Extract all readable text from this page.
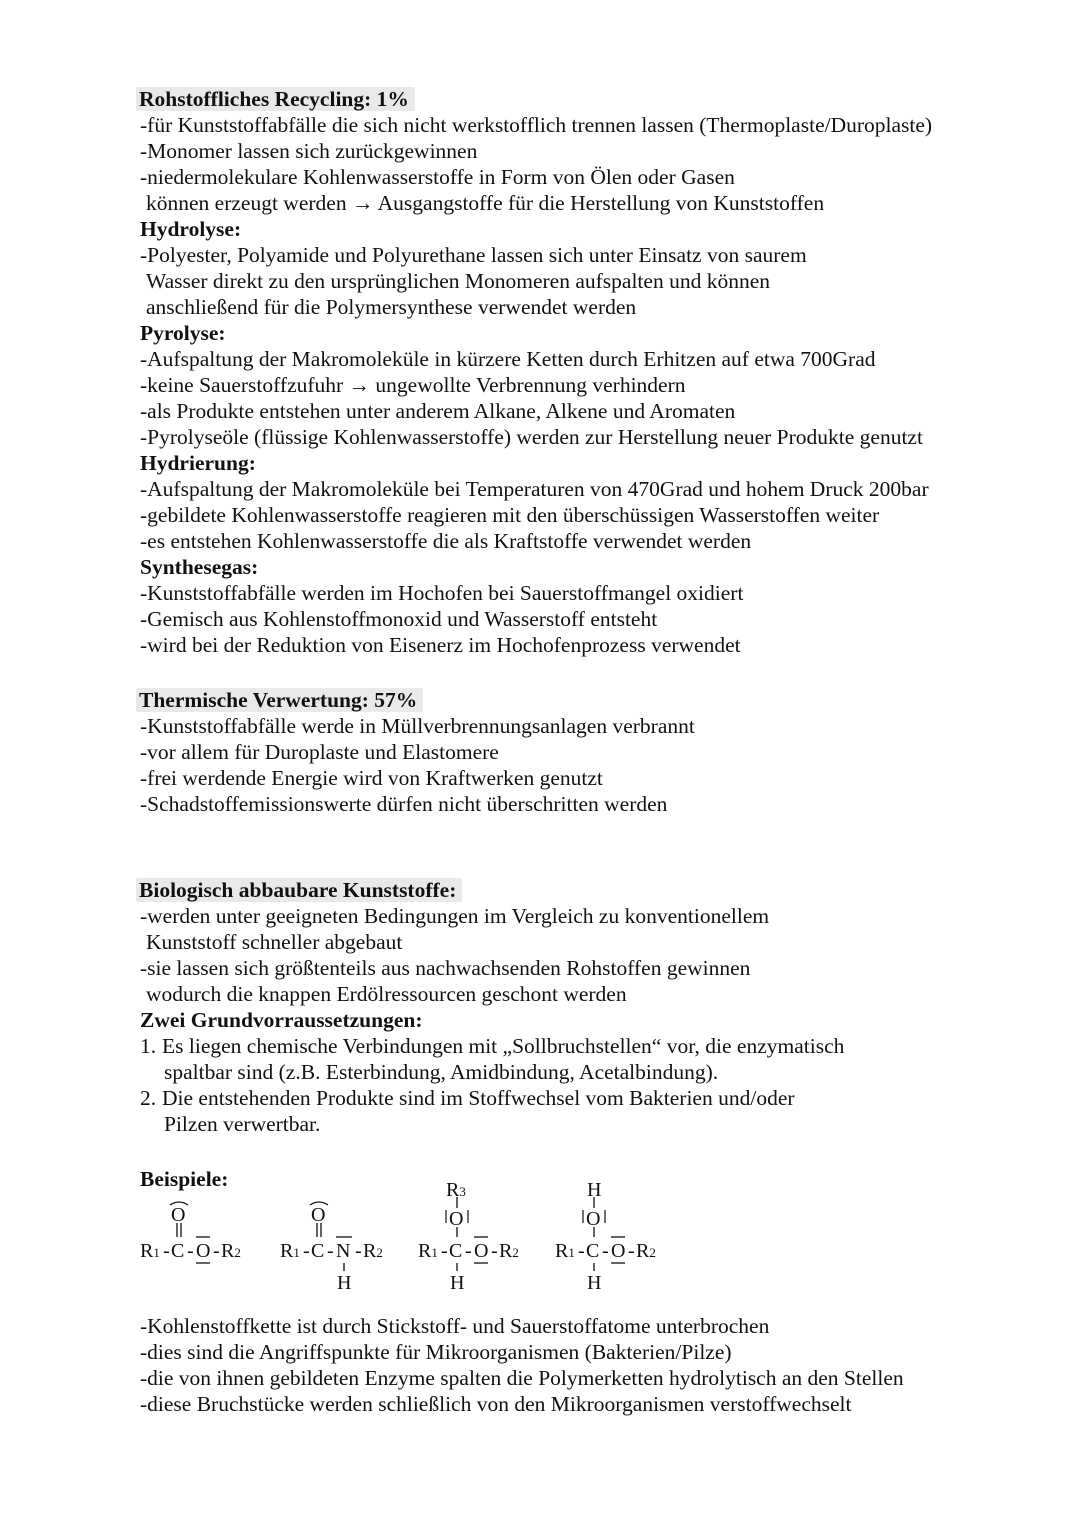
Rohstoffliches Recycling: 1%
-für Kunststoffabfälle die sich nicht werkstofflich trennen lassen (Thermoplaste/Duroplaste)
-Monomer lassen sich zurückgewinnen
-niedermolekulare Kohlenwasserstoffe in Form von Ölen oder Gasen
können erzeugt werden → Ausgangstoffe für die Herstellung von Kunststoffen
Hydrolyse:
-Polyester, Polyamide und Polyurethane lassen sich unter Einsatz von saurem
Wasser direkt zu den ursprünglichen Monomeren aufspalten und können
anschließend für die Polymersynthese verwendet werden
Pyrolyse:
-Aufspaltung der Makromoleküle in kürzere Ketten durch Erhitzen auf etwa 700Grad
-keine Sauerstoffzufuhr → ungewollte Verbrennung verhindern
-als Produkte entstehen unter anderem Alkane, Alkene und Aromaten
-Pyrolyseöle (flüssige Kohlenwasserstoffe) werden zur Herstellung neuer Produkte genutzt
Hydrierung:
-Aufspaltung der Makromoleküle bei Temperaturen von 470Grad und hohem Druck 200bar
-gebildete Kohlenwasserstoffe reagieren mit den überschüssigen Wasserstoffen weiter
-es entstehen Kohlenwasserstoffe die als Kraftstoffe verwendet werden
Synthesegas:
-Kunststoffabfälle werden im Hochofen bei Sauerstoffmangel oxidiert
-Gemisch aus Kohlenstoffmonoxid und Wasserstoff entsteht
-wird bei der Reduktion von Eisenerz im Hochofenprozess verwendet
Thermische Verwertung: 57%
-Kunststoffabfälle werde in Müllverbrennungsanlagen verbrannt
-vor allem für Duroplaste und Elastomere
-frei werdende Energie wird von Kraftwerken genutzt
-Schadstoffemissionswerte dürfen nicht überschritten werden
Biologisch abbaubare Kunststoffe:
-werden unter geeigneten Bedingungen im Vergleich zu konventionellem
Kunststoff schneller abgebaut
-sie lassen sich größtenteils aus nachwachsenden Rohstoffen gewinnen
wodurch die knappen Erdölressourcen geschont werden
Zwei Grundvorraussetzungen:
1. Es liegen chemische Verbindungen mit „Sollbruchstellen“ vor, die enzymatisch
spaltbar sind (z.B. Esterbindung, Amidbindung, Acetalbindung).
2. Die entstehenden Produkte sind im Stoffwechsel vom Bakterien und/oder
Pilzen verwertbar.
Beispiele:
R1 - C - O - R2
O
R1 - C - N - R2
O
H
R1 - C - O - R2
O
R3
H
R1 - C - O - R2
O
H
H
-Kohlenstoffkette ist durch Stickstoff- und Sauerstoffatome unterbrochen
-dies sind die Angriffspunkte für Mikroorganismen (Bakterien/Pilze)
-die von ihnen gebildeten Enzyme spalten die Polymerketten hydrolytisch an den Stellen
-diese Bruchstücke werden schließlich von den Mikroorganismen verstoffwechselt
